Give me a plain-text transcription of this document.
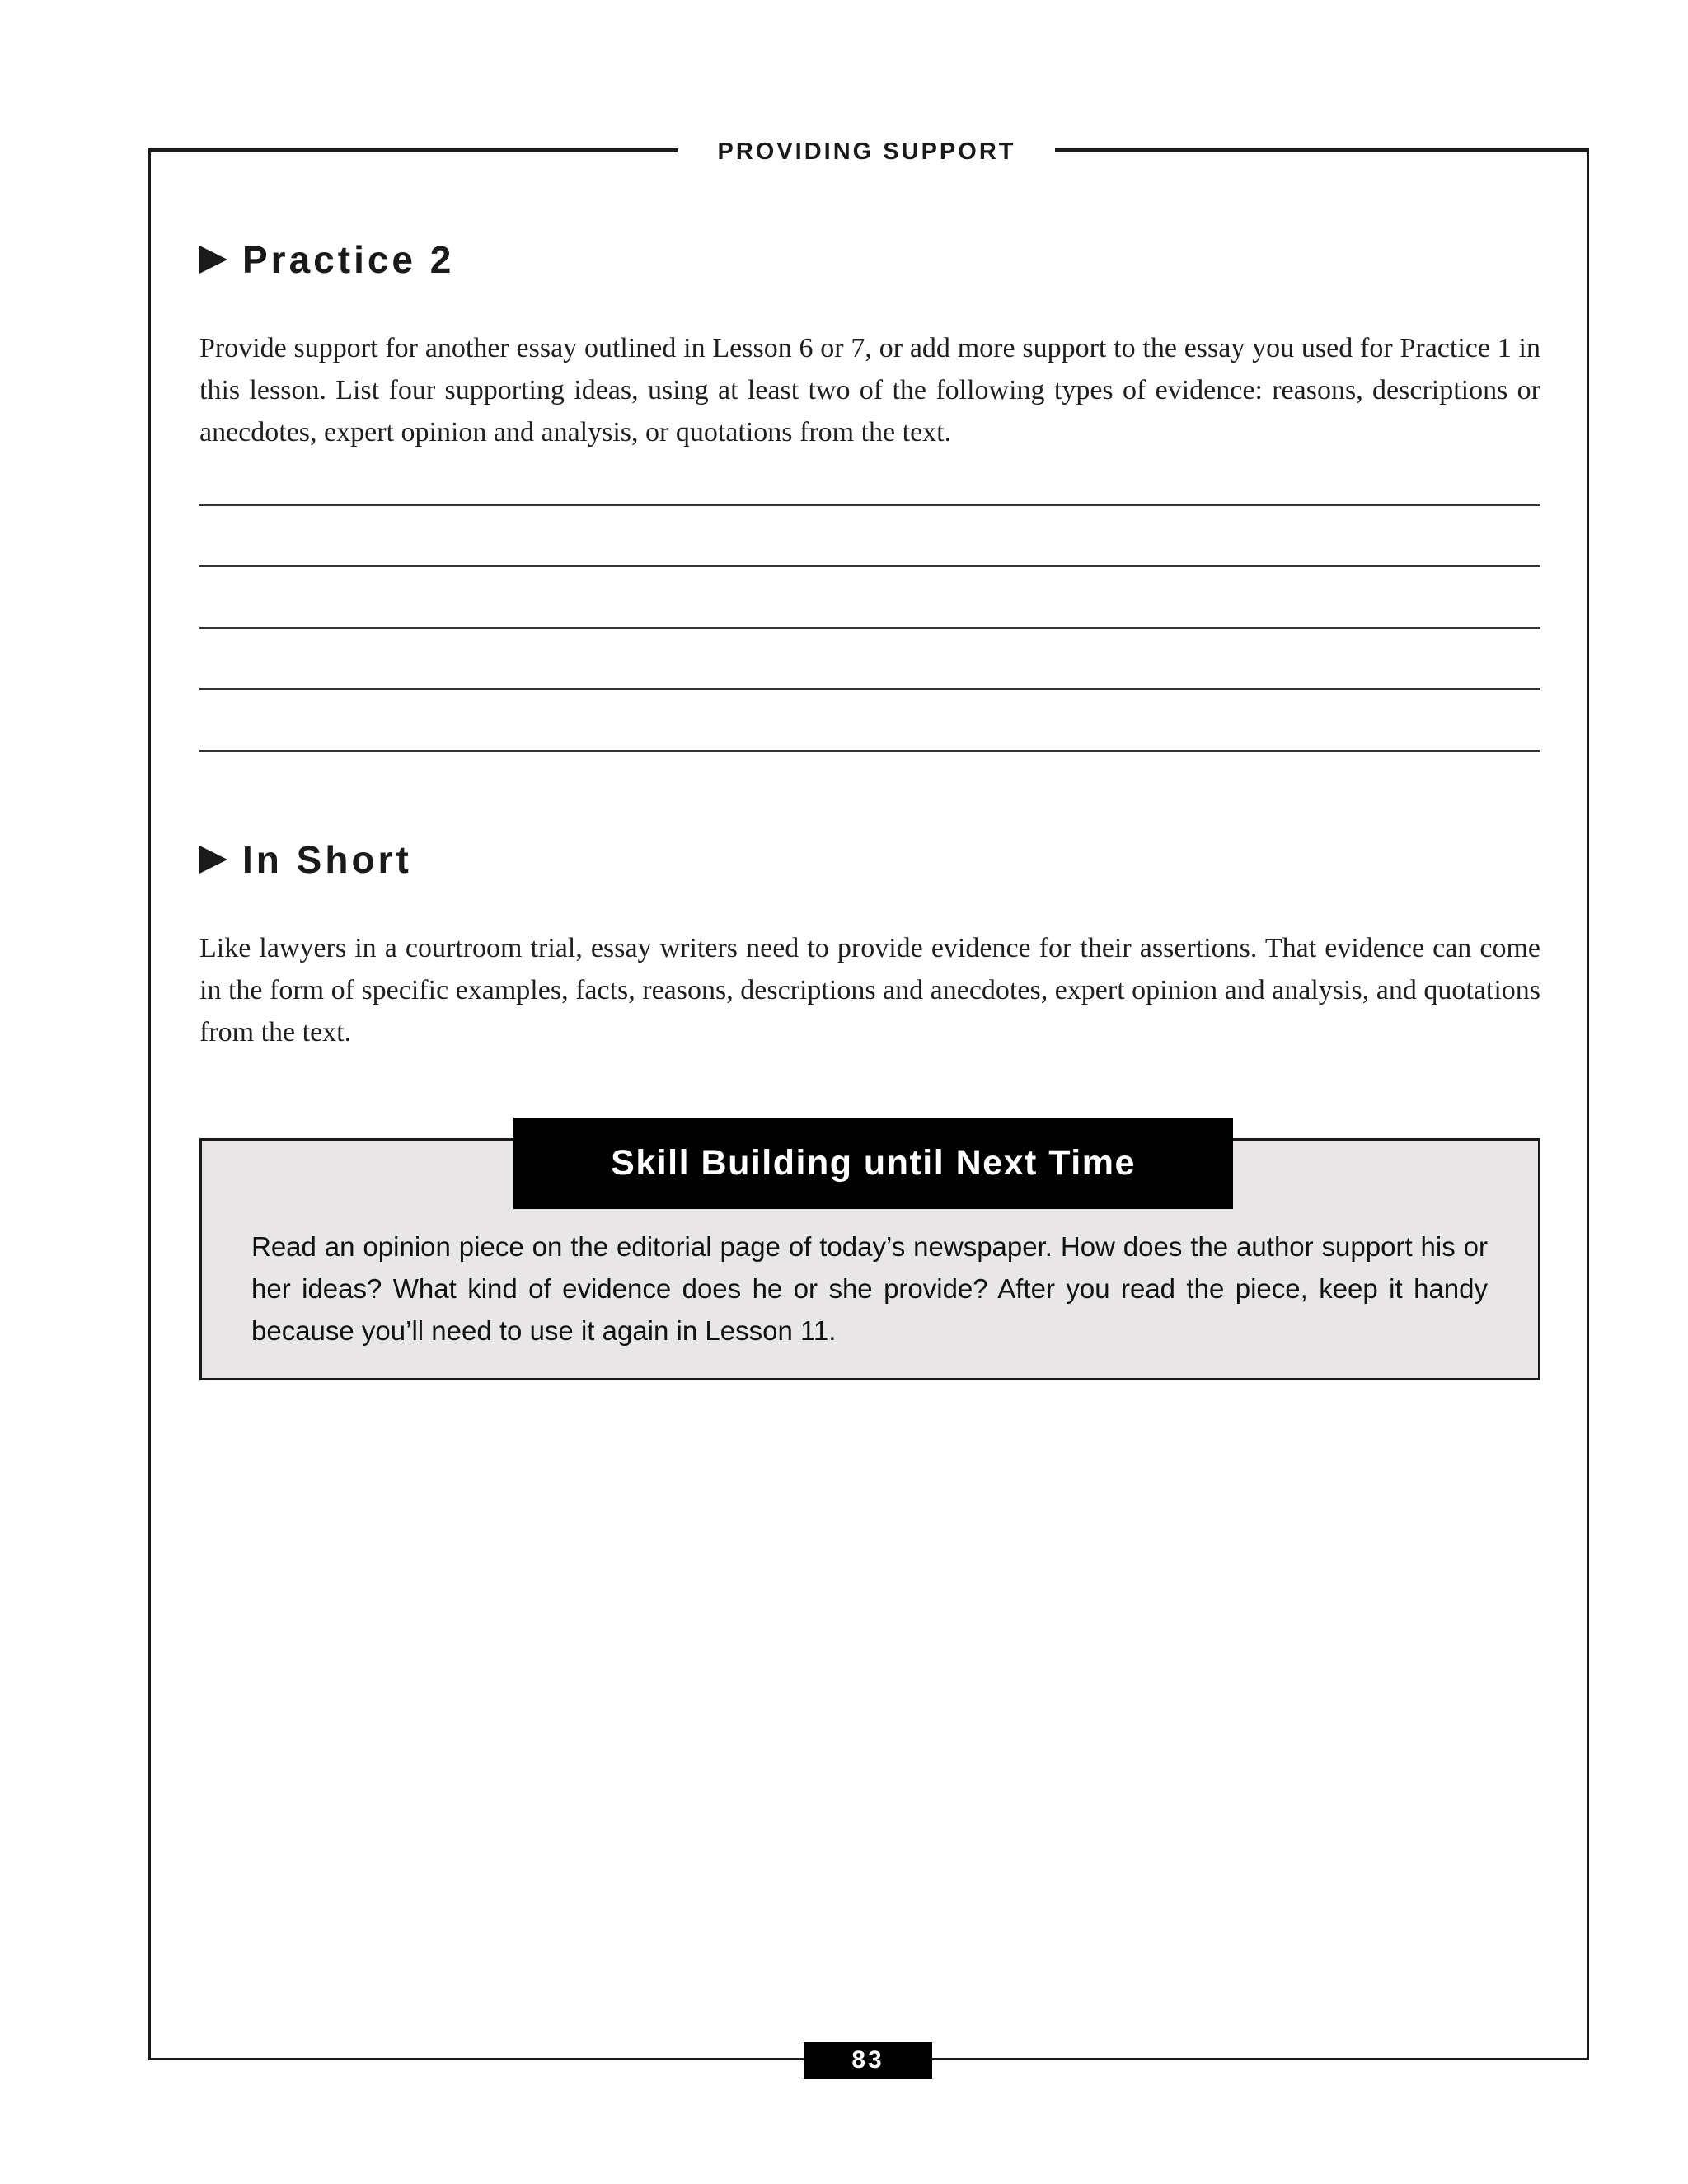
PROVIDING SUPPORT
Practice 2
Provide support for another essay outlined in Lesson 6 or 7, or add more support to the essay you used for Practice 1 in this lesson. List four supporting ideas, using at least two of the following types of evidence: reasons, descriptions or anecdotes, expert opinion and analysis, or quotations from the text.
In Short
Like lawyers in a courtroom trial, essay writers need to provide evidence for their assertions. That evidence can come in the form of specific examples, facts, reasons, descriptions and anecdotes, expert opinion and analysis, and quotations from the text.
Skill Building until Next Time
Read an opinion piece on the editorial page of today’s newspaper. How does the author support his or her ideas? What kind of evidence does he or she provide? After you read the piece, keep it handy because you’ll need to use it again in Lesson 11.
83
